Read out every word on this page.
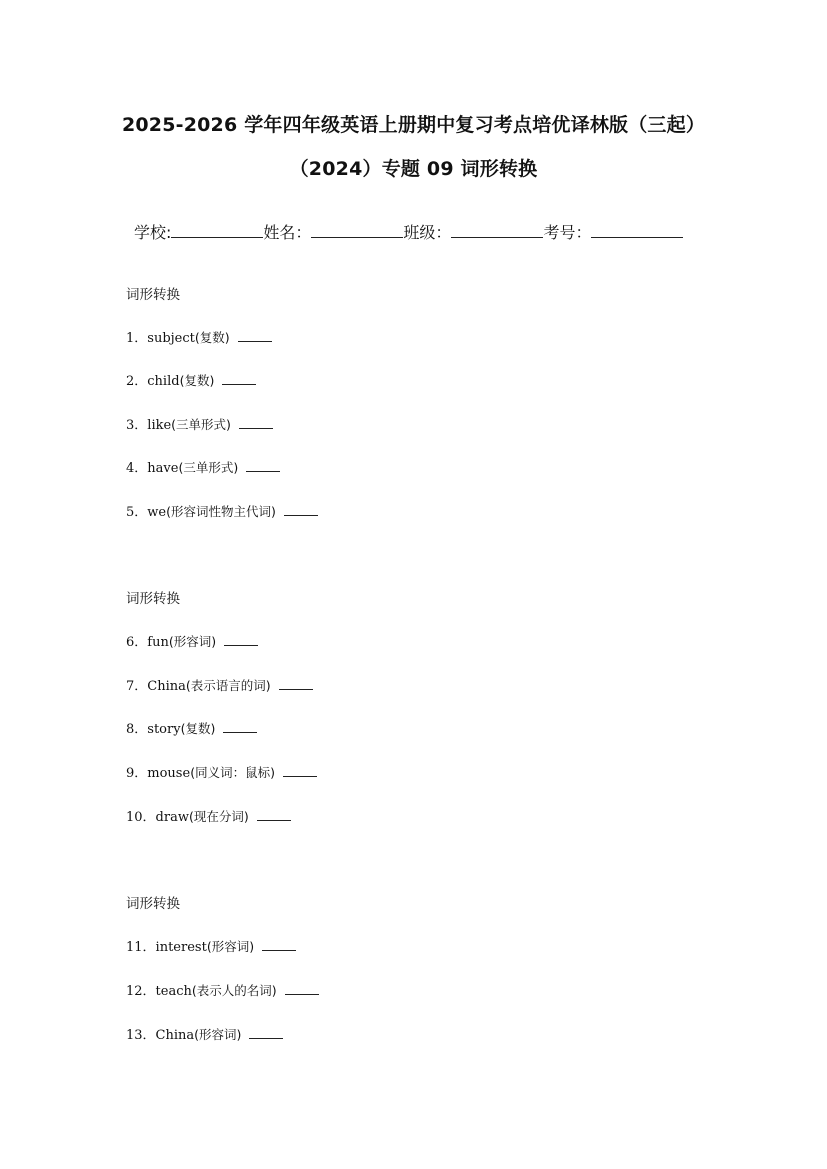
2025-2026 学年四年级英语上册期中复习考点培优译林版（三起）
（2024）专题 09 词形转换
学校:	姓名：	班级：	考号：
词形转换
1． subject (复数)
2． child (复数)
3． like (三单形式)
4． have (三单形式)
5． we (形容词性物主代词)
词形转换
6． fun (形容词)
7． China (表示语言的词)
8． story (复数)
9． mouse (同义词：鼠标)
10． draw (现在分词)
词形转换
11． interest (形容词)
12． teach (表示人的名词)
13． China (形容词)
